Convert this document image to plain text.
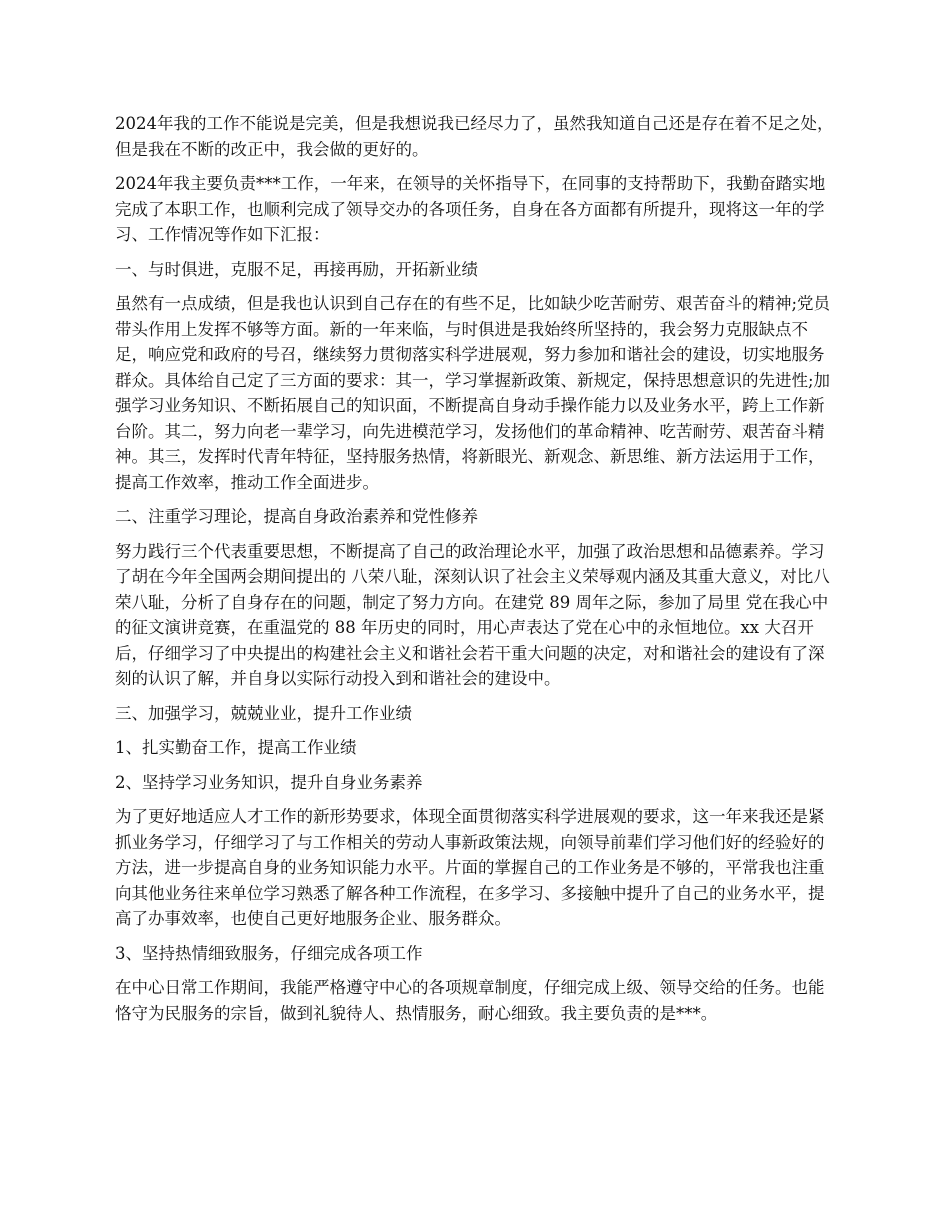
2024年我的工作不能说是完美，但是我想说我已经尽力了，虽然我知道自己还是存在着不足之处，但是我在不断的改正中，我会做的更好的。

2024年我主要负责***工作，一年来，在领导的关怀指导下，在同事的支持帮助下，我勤奋踏实地完成了本职工作，也顺利完成了领导交办的各项任务，自身在各方面都有所提升，现将这一年的学习、工作情况等作如下汇报：

一、与时俱进，克服不足，再接再励，开拓新业绩

虽然有一点成绩，但是我也认识到自己存在的有些不足，比如缺少吃苦耐劳、艰苦奋斗的精神;党员带头作用上发挥不够等方面。新的一年来临，与时俱进是我始终所坚持的，我会努力克服缺点不足，响应党和政府的号召，继续努力贯彻落实科学进展观，努力参加和谐社会的建设，切实地服务群众。具体给自己定了三方面的要求：其一，学习掌握新政策、新规定，保持思想意识的先进性;加强学习业务知识、不断拓展自己的知识面，不断提高自身动手操作能力以及业务水平，跨上工作新台阶。其二，努力向老一辈学习，向先进模范学习，发扬他们的革命精神、吃苦耐劳、艰苦奋斗精神。其三，发挥时代青年特征，坚持服务热情，将新眼光、新观念、新思维、新方法运用于工作，提高工作效率，推动工作全面进步。

二、注重学习理论，提高自身政治素养和党性修养

努力践行三个代表重要思想，不断提高了自己的政治理论水平，加强了政治思想和品德素养。学习了胡在今年全国两会期间提出的 八荣八耻，深刻认识了社会主义荣辱观内涵及其重大意义，对比八荣八耻，分析了自身存在的问题，制定了努力方向。在建党 89 周年之际，参加了局里 党在我心中的征文演讲竞赛，在重温党的 88 年历史的同时，用心声表达了党在心中的永恒地位。xx 大召开后，仔细学习了中央提出的构建社会主义和谐社会若干重大问题的决定，对和谐社会的建设有了深刻的认识了解，并自身以实际行动投入到和谐社会的建设中。

三、加强学习，兢兢业业，提升工作业绩

1、扎实勤奋工作，提高工作业绩

2、坚持学习业务知识，提升自身业务素养

为了更好地适应人才工作的新形势要求，体现全面贯彻落实科学进展观的要求，这一年来我还是紧抓业务学习，仔细学习了与工作相关的劳动人事新政策法规，向领导前辈们学习他们好的经验好的方法，进一步提高自身的业务知识能力水平。片面的掌握自己的工作业务是不够的，平常我也注重向其他业务往来单位学习熟悉了解各种工作流程，在多学习、多接触中提升了自己的业务水平，提高了办事效率，也使自己更好地服务企业、服务群众。

3、坚持热情细致服务，仔细完成各项工作

在中心日常工作期间，我能严格遵守中心的各项规章制度，仔细完成上级、领导交给的任务。也能恪守为民服务的宗旨，做到礼貌待人、热情服务，耐心细致。我主要负责的是***。
